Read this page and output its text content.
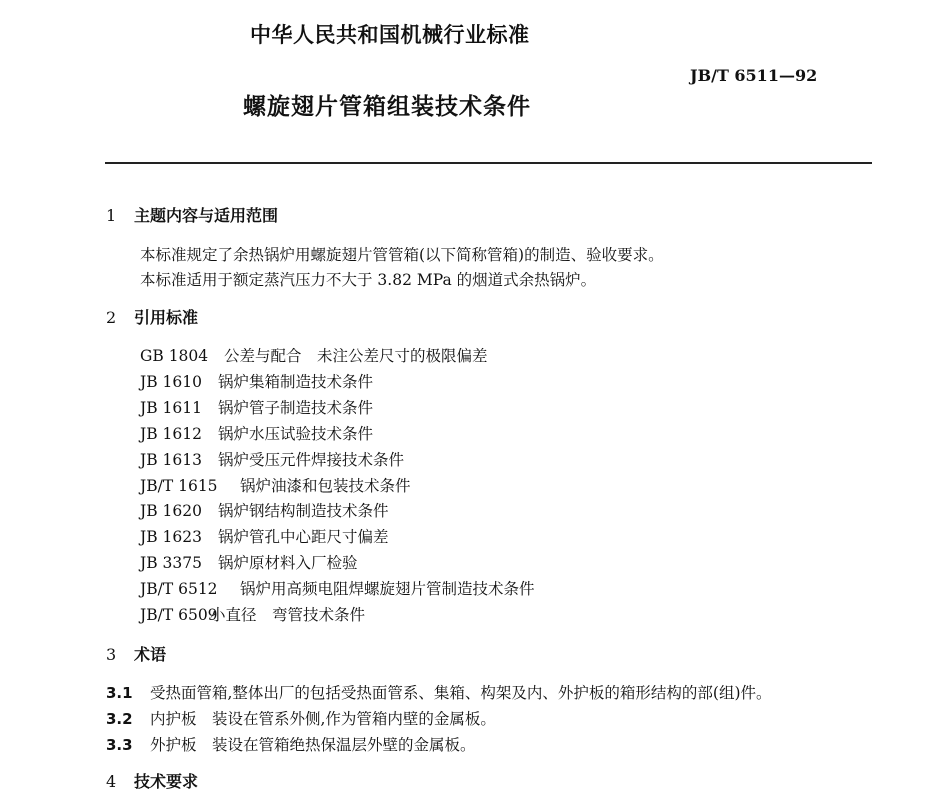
中华人民共和国机械行业标准
JB/T 6511—92
螺旋翅片管箱组装技术条件
1 主题内容与适用范围
本标准规定了余热锅炉用螺旋翅片管管箱(以下简称管箱)的制造、验收要求。
本标准适用于额定蒸汽压力不大于 3.82 MPa 的烟道式余热锅炉。
2 引用标准
GB 1804 公差与配合　未注公差尺寸的极限偏差
JB 1610 锅炉集箱制造技术条件
JB 1611 锅炉管子制造技术条件
JB 1612 锅炉水压试验技术条件
JB 1613 锅炉受压元件焊接技术条件
JB/T 1615 锅炉油漆和包装技术条件
JB 1620 锅炉钢结构制造技术条件
JB 1623 锅炉管孔中心距尺寸偏差
JB 3375 锅炉原材料入厂检验
JB/T 6512 锅炉用高频电阻焊螺旋翅片管制造技术条件
JB/T 6509小直径　弯管技术条件
3 术语
3.1 受热面管箱,整体出厂的包括受热面管系、集箱、构架及内、外护板的箱形结构的部(组)件。
3.2 内护板　装设在管系外侧,作为管箱内壁的金属板。
3.3 外护板　装设在管箱绝热保温层外壁的金属板。
4 技术要求
